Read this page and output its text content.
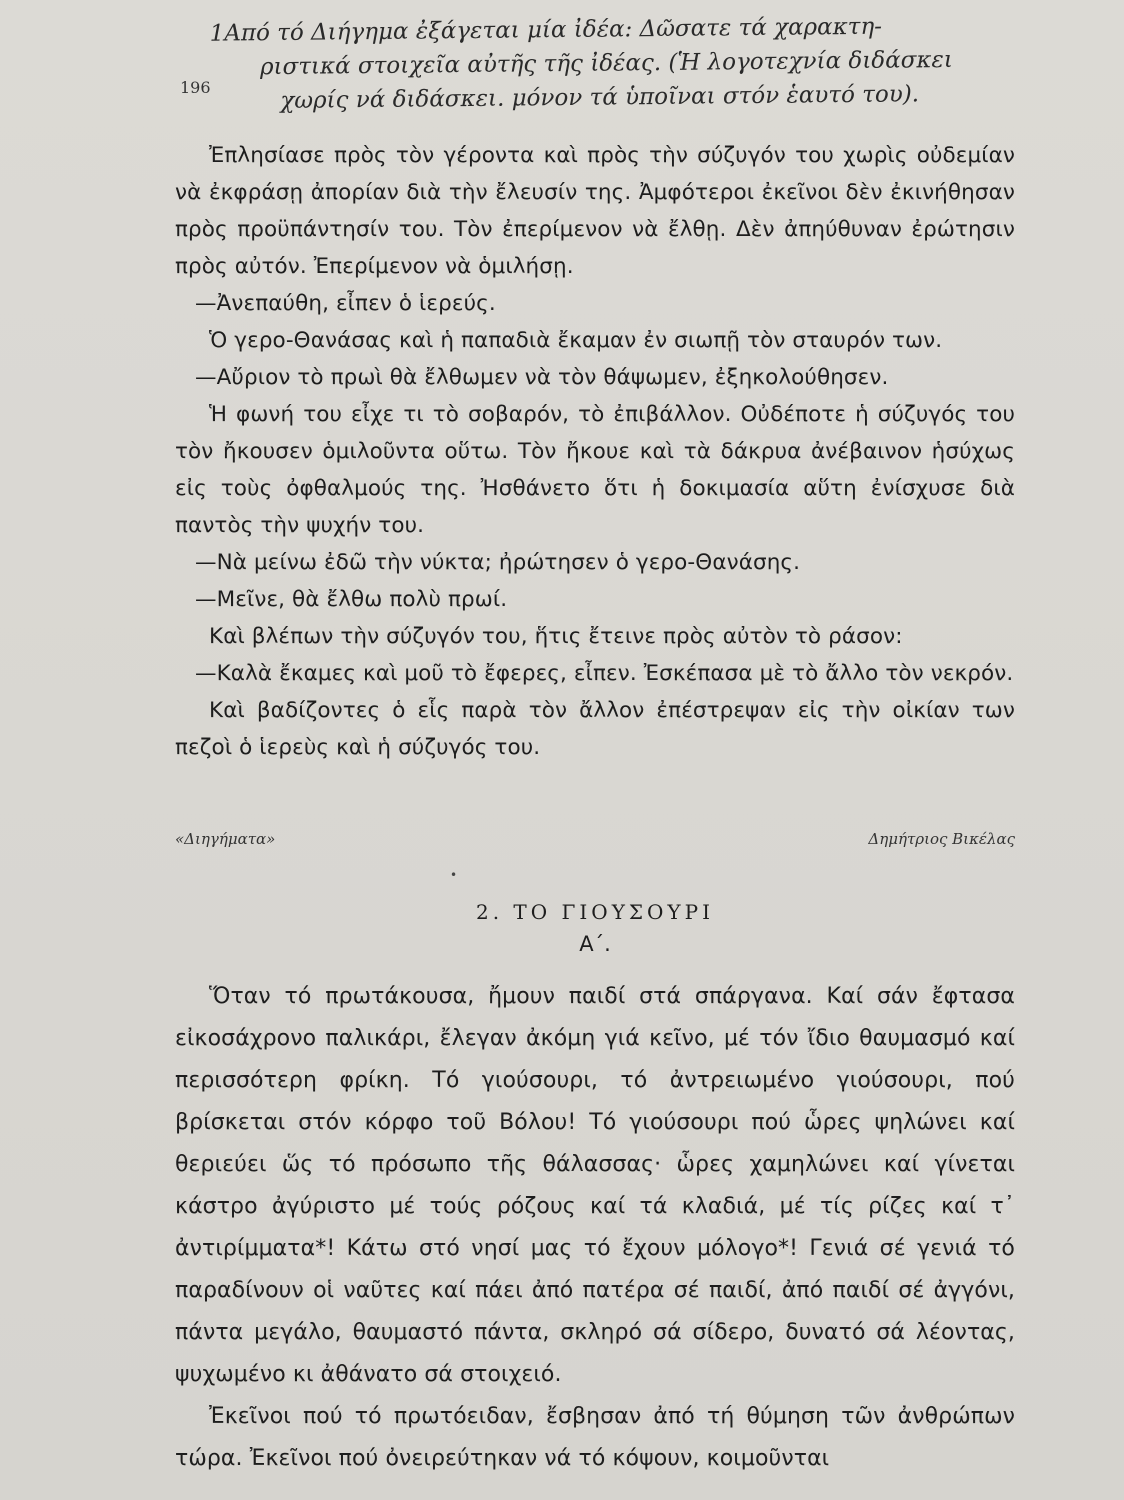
1Από τό Διήγημα ἐξάγεται μία ἰδέα: Δῶσατε τά χαρακτη-
ριστικά στοιχεῖα αὐτῆς τῆς ἰδέας. (Ἡ λογοτεχνία διδάσκει
χωρίς νά διδάσκει. μόνον τά ὑποῖναι στόν ἑαυτό του).
196

Ἐπλησίασε πρὸς τὸν γέροντα καὶ πρὸς τὴν σύζυγόν του χωρὶς οὐδεμίαν νὰ ἐκφράσῃ ἀπορίαν διὰ τὴν ἔλευσίν της. Ἀμφότεροι ἐκεῖνοι δὲν ἐκινήθησαν πρὸς προϋπάντησίν του. Τὸν ἐπερίμενον νὰ ἔλθῃ. Δὲν ἀπηύθυναν ἐρώτησιν πρὸς αὐτόν. Ἐπερίμενον νὰ ὁμιλήσῃ.

—Ἀνεπαύθη, εἶπεν ὁ ἱερεύς.

Ὁ γερο-Θανάσας καὶ ἡ παπαδιὰ ἔκαμαν ἐν σιωπῇ τὸν σταυρόν των.

—Αὔριον τὸ πρωὶ θὰ ἔλθωμεν νὰ τὸν θάψωμεν, ἐξηκολούθησεν.

Ἡ φωνή του εἶχε τι τὸ σοβαρόν, τὸ ἐπιβάλλον. Οὐδέποτε ἡ σύζυγός του τὸν ἤκουσεν ὁμιλοῦντα οὕτω. Τὸν ἤκουε καὶ τὰ δάκρυα ἀνέβαινον ἡσύχως εἰς τοὺς ὀφθαλμούς της. Ἠσθάνετο ὅτι ἡ δοκιμασία αὕτη ἐνίσχυσε διὰ παντὸς τὴν ψυχήν του.

—Νὰ μείνω ἐδῶ τὴν νύκτα; ἠρώτησεν ὁ γερο-Θανάσης.

—Μεῖνε, θὰ ἔλθω πολὺ πρωί.

Καὶ βλέπων τὴν σύζυγόν του, ἥτις ἔτεινε πρὸς αὐτὸν τὸ ράσον:

—Καλὰ ἔκαμες καὶ μοῦ τὸ ἔφερες, εἶπεν. Ἐσκέπασα μὲ τὸ ἄλλο τὸν νεκρόν.

Καὶ βαδίζοντες ὁ εἷς παρὰ τὸν ἄλλον ἐπέστρεψαν εἰς τὴν οἰκίαν των πεζοὶ ὁ ἱερεὺς καὶ ἡ σύζυγός του.

«Διηγήματα»	Δημήτριος Βικέλας
•
2. ΤΟ ΓΙΟΥΣΟΥΡΙ
Α΄.

Ὅταν τό πρωτάκουσα, ἤμουν παιδί στά σπάργανα. Καί σάν ἔφτασα εἰκοσάχρονο παλικάρι, ἔλεγαν ἀκόμη γιά κεῖνο, μέ τόν ἴδιο θαυμασμό καί περισσότερη φρίκη. Τό γιούσουρι, τό ἀντρειωμένο γιούσουρι, πού βρίσκεται στόν κόρφο τοῦ Βόλου! Τό γιούσουρι πού ὧρες ψηλώνει καί θεριεύει ὥς τό πρόσωπο τῆς θάλασσας· ὧρες χαμηλώνει καί γίνεται κάστρο ἀγύριστο μέ τούς ρόζους καί τά κλαδιά, μέ τίς ρίζες καί τ᾽ ἀντιρίμματα*! Κάτω στό νησί μας τό ἔχουν μόλογο*! Γενιά σέ γενιά τό παραδίνουν οἱ ναῦτες καί πάει ἀπό πατέρα σέ παιδί, ἀπό παιδί σέ ἀγγόνι, πάντα μεγάλο, θαυμαστό πάντα, σκληρό σά σίδερο, δυνατό σά λέοντας, ψυχωμένο κι ἀθάνατο σά στοιχειό.

Ἐκεῖνοι πού τό πρωτόειδαν, ἔσβησαν ἀπό τή θύμηση τῶν ἀνθρώπων τώρα. Ἐκεῖνοι πού ὀνειρεύτηκαν νά τό κόψουν, κοιμοῦνται
